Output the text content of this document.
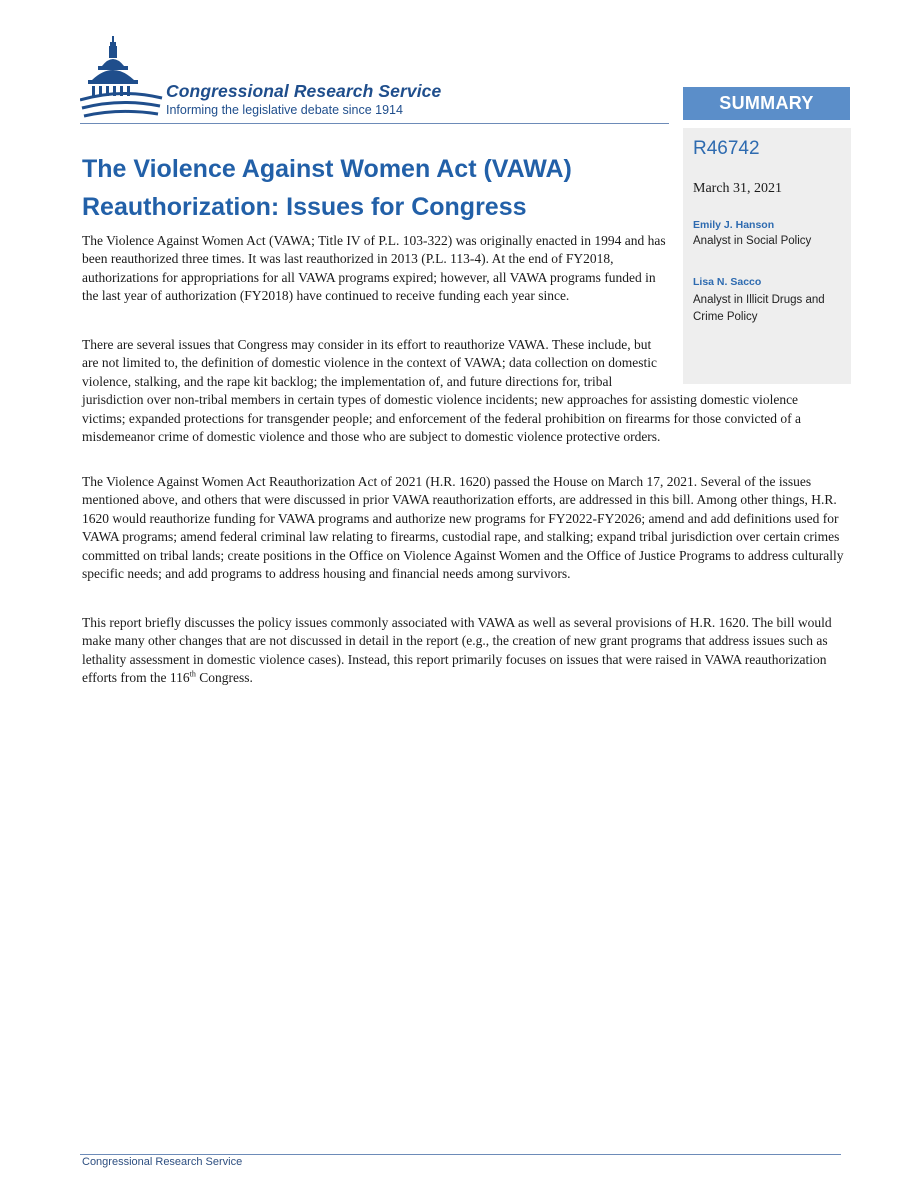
Congressional Research Service

Informing the legislative debate since 1914	SUMMARY

R46742

March 31, 2021

Emily J. Hanson

Analyst in Social Policy

Lisa N. Sacco

Analyst in Illicit Drugs and Crime Policy

The Violence Against Women Act (VAWA) Reauthorization: Issues for Congress

The Violence Against Women Act (VAWA; Title IV of P.L. 103-322) was originally enacted in 1994 and has been reauthorized three times. It was last reauthorized in 2013 (P.L. 113-4). At the end of FY2018, authorizations for appropriations for all VAWA programs expired; however, all VAWA programs funded in the last year of authorization (FY2018) have continued to receive funding each year since.

There are several issues that Congress may consider in its effort to reauthorize VAWA. These include, but are not limited to, the definition of domestic violence in the context of VAWA; data collection on domestic violence, stalking, and the rape kit backlog; the implementation of, and future directions for, tribal jurisdiction over non-tribal members in certain types of domestic violence incidents; new approaches for assisting domestic violence victims; expanded protections for transgender people; and enforcement of the federal prohibition on firearms for those convicted of a misdemeanor crime of domestic violence and those who are subject to domestic violence protective orders.

The Violence Against Women Act Reauthorization Act of 2021 (H.R. 1620) passed the House on March 17, 2021. Several of the issues mentioned above, and others that were discussed in prior VAWA reauthorization efforts, are addressed in this bill. Among other things, H.R. 1620 would reauthorize funding for VAWA programs and authorize new programs for FY2022-FY2026; amend and add definitions used for VAWA programs; amend federal criminal law relating to firearms, custodial rape, and stalking; expand tribal jurisdiction over certain crimes committed on tribal lands; create positions in the Office on Violence Against Women and the Office of Justice Programs to address culturally specific needs; and add programs to address housing and financial needs among survivors.

This report briefly discusses the policy issues commonly associated with VAWA as well as several provisions of H.R. 1620. The bill would make many other changes that are not discussed in detail in the report (e.g., the creation of new grant programs that address issues such as lethality assessment in domestic violence cases). Instead, this report primarily focuses on issues that were raised in VAWA reauthorization efforts from the 116th Congress.

Congressional Research Service
